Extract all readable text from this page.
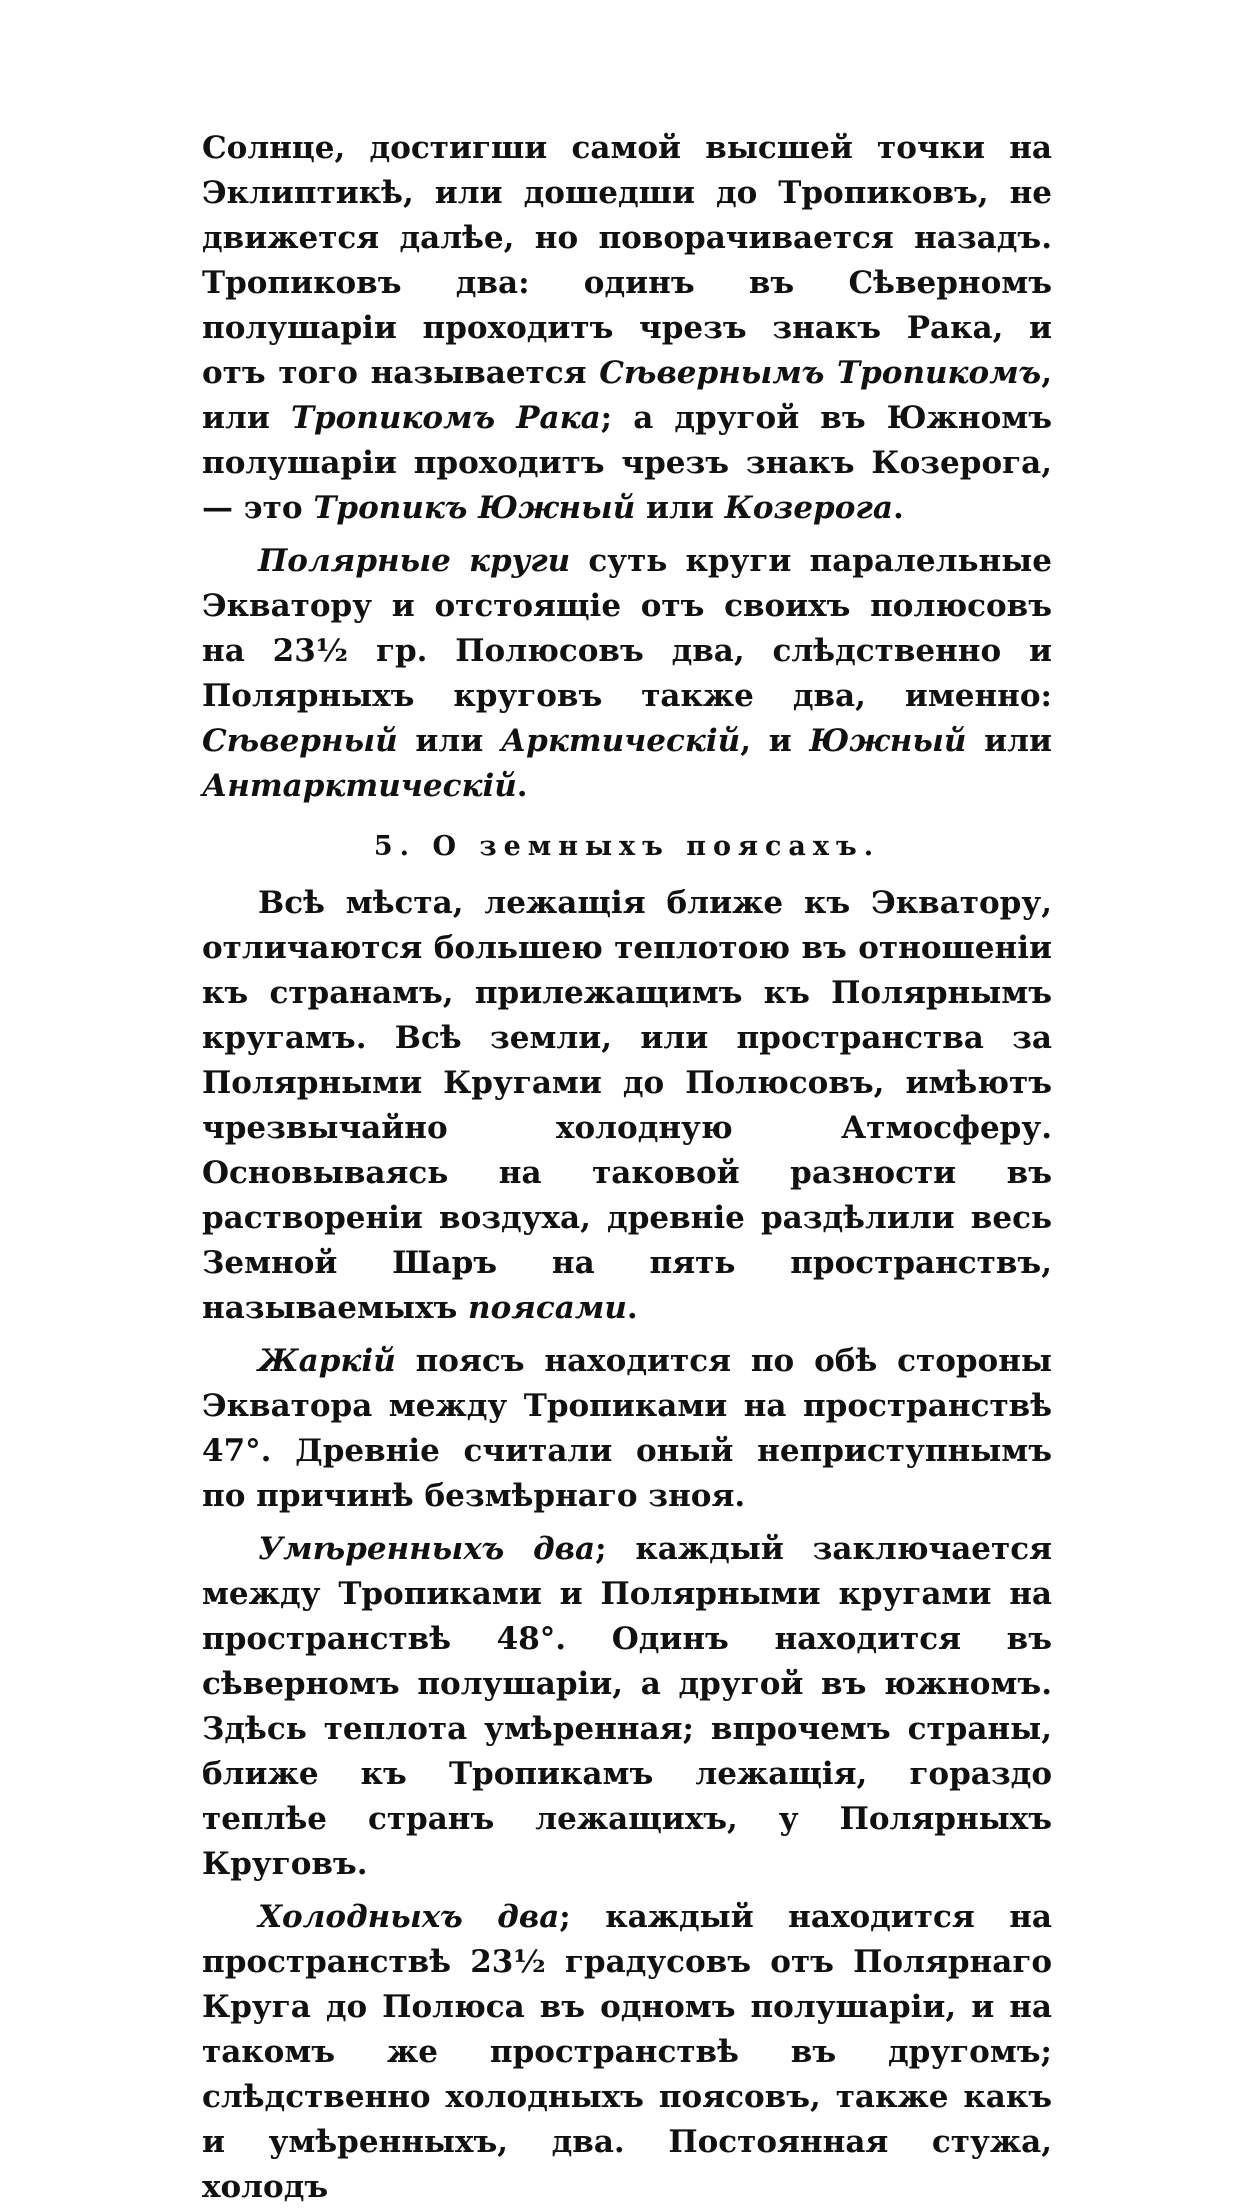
Солнце, достигши самой высшей точки на Эклиптикѣ, или дошедши до Тропиковъ, не движется далѣе, но поворачивается назадъ. Тропиковъ два: одинъ въ Сѣверномъ полушаріи проходитъ чрезъ знакъ Рака, и отъ того называется Сѣвернымъ Тропикомъ, или Тропикомъ Рака; а другой въ Южномъ полушаріи проходитъ чрезъ знакъ Козерога, — это Тропикъ Южный или Козерога.

Полярные круги суть круги паралельные Экватору и отстоящіе отъ своихъ полюсовъ на 23½ гр. Полюсовъ два, слѣдственно и Полярныхъ круговъ также два, именно: Сѣверный или Арктическій, и Южный или Антарктическій.

5. О земныхъ поясахъ.

Всѣ мѣста, лежащія ближе къ Экватору, отличаются большею теплотою въ отношеніи къ странамъ, прилежащимъ къ Полярнымъ кругамъ. Всѣ земли, или пространства за Полярными Кругами до Полюсовъ, имѣютъ чрезвычайно холодную Атмосферу. Основываясь на таковой разности въ раствореніи воздуха, древніе раздѣлили весь Земной Шаръ на пять пространствъ, называемыхъ поясами.

Жаркій поясъ находится по обѣ стороны Экватора между Тропиками на пространствѣ 47°. Древніе считали оный неприступнымъ по причинѣ безмѣрнаго зноя.

Умѣренныхъ два; каждый заключается между Тропиками и Полярными кругами на пространствѣ 48°. Одинъ находится въ сѣверномъ полушаріи, а другой въ южномъ. Здѣсь теплота умѣренная; впрочемъ страны, ближе къ Тропикамъ лежащія, гораздо теплѣе странъ лежащихъ, у Полярныхъ Круговъ.

Холодныхъ два; каждый находится на пространствѣ 23½ градусовъ отъ Полярнаго Круга до Полюса въ одномъ полушаріи, и на такомъ же пространствѣ въ другомъ; слѣдственно холодныхъ поясовъ, также какъ и умѣренныхъ, два. Постоянная стужа, холодъ
